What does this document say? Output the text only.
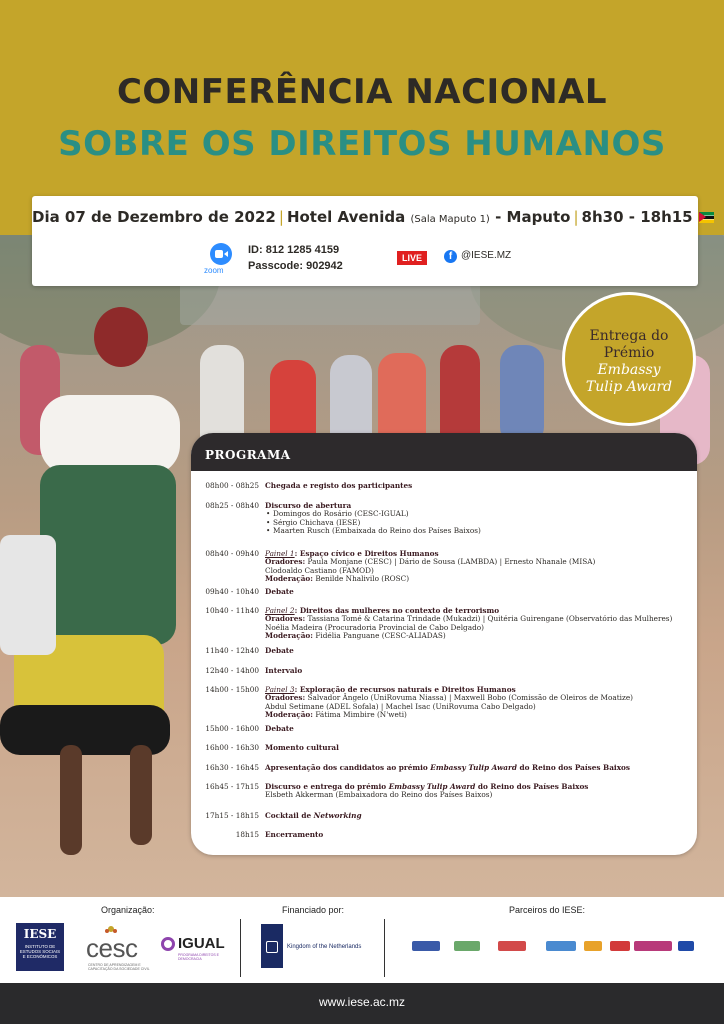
CONFERÊNCIA NACIONAL
SOBRE OS DIREITOS HUMANOS
Dia 07 de Dezembro de 2022 | Hotel Avenida (Sala Maputo 1) - Maputo | 8h30 - 18h15
zoom
ID: 812 1285 4159
Passcode: 902942
LIVE	f @IESE.MZ
Entrega do
Prémio
Embassy
Tulip Award
PROGRAMA
08h00 - 08h25 Chegada e registo dos participantes
08h25 - 08h40 Discurso de abertura
• Domingos do Rosário (CESC-IGUAL)
• Sérgio Chichava (IESE)
• Maarten Rusch (Embaixada do Reino dos Países Baixos)
08h40 - 09h40 Painel 1: Espaço cívico e Direitos Humanos
Oradores: Paula Monjane (CESC) | Dário de Sousa (LAMBDA) | Ernesto Nhanale (MISA)
Clodoaldo Castiano (FAMOD)
Moderação: Benilde Nhalivilo (ROSC)
09h40 - 10h40 Debate
10h40 - 11h40 Painel 2: Direitos das mulheres no contexto de terrorismo
Oradores: Tassiana Tomé & Catarina Trindade (Mukadzi) | Quitéria Guirengane (Observatório das Mulheres)
Noélia Madeira (Procuradoria Provincial de Cabo Delgado)
Moderação: Fidélia Panguane (CESC-ALIADAS)
11h40 - 12h40 Debate
12h40 - 14h00 Intervalo
14h00 - 15h00 Painel 3: Exploração de recursos naturais e Direitos Humanos
Oradores: Salvador Ângelo (UniRovuma Niassa) | Maxwell Bobo (Comissão de Oleiros de Moatize)
Abdul Setimane (ADEL Sofala) | Machel Isac (UniRovuma Cabo Delgado)
Moderação: Fátima Mimbire (N'weti)
15h00 - 16h00 Debate
16h00 - 16h30 Momento cultural
16h30 - 16h45 Apresentação dos candidatos ao prémio Embassy Tulip Award do Reino dos Países Baixos
16h45 - 17h15 Discurso e entrega do prémio Embassy Tulip Award do Reino dos Países Baixos
Elsbeth Akkerman (Embaixadora do Reino dos Países Baixos)
17h15 - 18h15 Cocktail de Networking
18h15 Encerramento
Organização:	Financiado por:	Parceiros do IESE:
IESE
INSTITUTO DE ESTUDOS SOCIAIS E ECONÓMICOS cesc
CENTRO DE APRENDIZAGEM E CAPACITAÇÃO DA SOCIEDADE CIVIL
IGUAL
PROGRAMA DIREITOS E DEMOCRACIA
Kingdom of the Netherlands
www.iese.ac.mz
